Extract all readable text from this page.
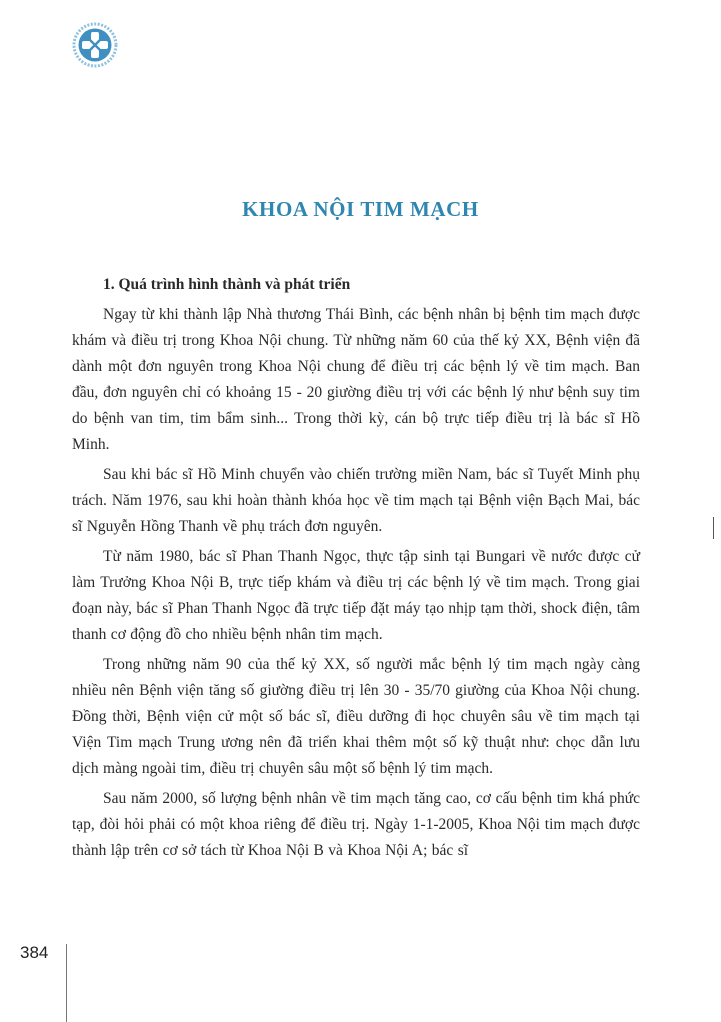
KHOA NỘI TIM MẠCH
1. Quá trình hình thành và phát triển

Ngay từ khi thành lập Nhà thương Thái Bình, các bệnh nhân bị bệnh tim mạch được khám và điều trị trong Khoa Nội chung. Từ những năm 60 của thế kỷ XX, Bệnh viện đã dành một đơn nguyên trong Khoa Nội chung để điều trị các bệnh lý về tim mạch. Ban đầu, đơn nguyên chỉ có khoảng 15 - 20 giường điều trị với các bệnh lý như bệnh suy tim do bệnh van tim, tim bẩm sinh... Trong thời kỳ, cán bộ trực tiếp điều trị là bác sĩ Hồ Minh.

Sau khi bác sĩ Hồ Minh chuyển vào chiến trường miền Nam, bác sĩ Tuyết Minh phụ trách. Năm 1976, sau khi hoàn thành khóa học về tim mạch tại Bệnh viện Bạch Mai, bác sĩ Nguyễn Hồng Thanh về phụ trách đơn nguyên.

Từ năm 1980, bác sĩ Phan Thanh Ngọc, thực tập sinh tại Bungari về nước được cử làm Trưởng Khoa Nội B, trực tiếp khám và điều trị các bệnh lý về tim mạch. Trong giai đoạn này, bác sĩ Phan Thanh Ngọc đã trực tiếp đặt máy tạo nhịp tạm thời, shock điện, tâm thanh cơ động đồ cho nhiều bệnh nhân tim mạch.

Trong những năm 90 của thế kỷ XX, số người mắc bệnh lý tim mạch ngày càng nhiều nên Bệnh viện tăng số giường điều trị lên 30 - 35/70 giường của Khoa Nội chung. Đồng thời, Bệnh viện cử một số bác sĩ, điều dưỡng đi học chuyên sâu về tim mạch tại Viện Tim mạch Trung ương nên đã triển khai thêm một số kỹ thuật như: chọc dẫn lưu dịch màng ngoài tim, điều trị chuyên sâu một số bệnh lý tim mạch.

Sau năm 2000, số lượng bệnh nhân về tim mạch tăng cao, cơ cấu bệnh tim khá phức tạp, đòi hỏi phải có một khoa riêng để điều trị. Ngày 1-1-2005, Khoa Nội tim mạch được thành lập trên cơ sở tách từ Khoa Nội B và Khoa Nội A; bác sĩ

384
